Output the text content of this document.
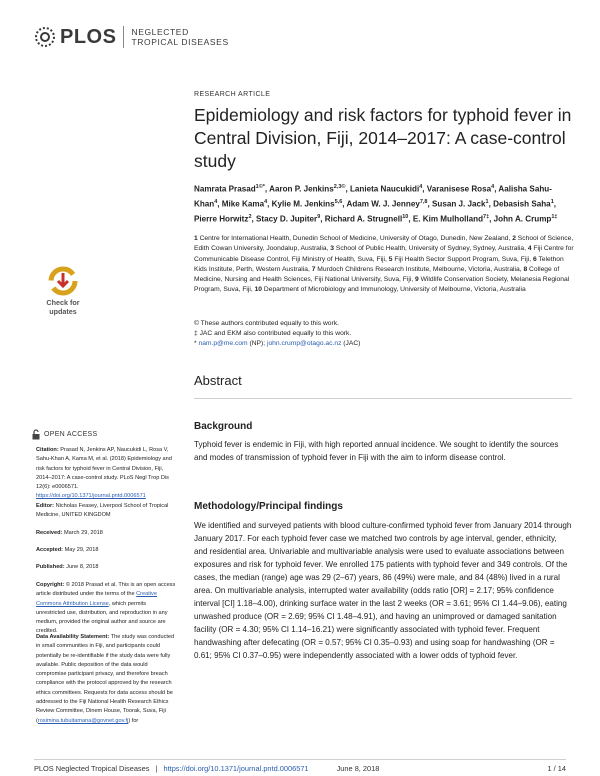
PLOS NEGLECTED
TROPICAL DISEASES
Check for
updates
RESEARCH ARTICLE
Epidemiology and risk factors for typhoid fever in Central Division, Fiji, 2014–2017: A case-control study
Namrata Prasad$^{1©*}$, Aaron P. Jenkins$^{2,3©}$, Lanieta Naucukidi$^4$, Varanisese Rosa$^4$, Aalisha Sahu-Khan$^4$, Mike Kama$^4$, Kylie M. Jenkins$^{5,6}$, Adam W. J. Jenney$^{7,8}$, Susan J. Jack$^1$, Debasish Saha$^1$, Pierre Horwitz$^2$, Stacy D. Jupiter$^9$, Richard A. Strugnell$^{10}$, E. Kim Mulholland$^{7\ddagger}$, John A. Crump$^{1\ddagger}$
1 Centre for International Health, Dunedin School of Medicine, University of Otago, Dunedin, New Zealand, 2 School of Science, Edith Cowan University, Joondalup, Australia, 3 School of Public Health, University of Sydney, Sydney, Australia, 4 Fiji Centre for Communicable Disease Control, Fiji Ministry of Health, Suva, Fiji, 5 Fiji Health Sector Support Program, Suva, Fiji, 6 Telethon Kids Institute, Perth, Western Australia, 7 Murdoch Childrens Research Institute, Melbourne, Victoria, Australia, 8 College of Medicine, Nursing and Health Sciences, Fiji National University, Suva, Fiji, 9 Wildlife Conservation Society, Melanesia Regional Program, Suva, Fiji, 10 Department of Microbiology and Immunology, University of Melbourne, Victoria, Australia
© These authors contributed equally to this work.
‡ JAC and EKM also contributed equally to this work.
* nam.p@me.com (NP); john.crump@otago.ac.nz (JAC)
Abstract
Background
Typhoid fever is endemic in Fiji, with high reported annual incidence. We sought to identify the sources and modes of transmission of typhoid fever in Fiji with the aim to inform disease control.
Methodology/Principal findings
We identified and surveyed patients with blood culture-confirmed typhoid fever from January 2014 through January 2017. For each typhoid fever case we matched two controls by age interval, gender, ethnicity, and residential area. Univariable and multivariable analysis were used to evaluate associations between exposures and risk for typhoid fever. We enrolled 175 patients with typhoid fever and 349 controls. Of the cases, the median (range) age was 29 (2–67) years, 86 (49%) were male, and 84 (48%) lived in a rural area. On multivariable analysis, interrupted water availability (odds ratio [OR] = 2.17; 95% confidence interval [CI] 1.18–4.00), drinking surface water in the last 2 weeks (OR = 3.61; 95% CI 1.44–9.06), eating unwashed produce (OR = 2.69; 95% CI 1.48–4.91), and having an unimproved or damaged sanitation facility (OR = 4.30; 95% CI 1.14–16.21) were significantly associated with typhoid fever. Frequent handwashing after defecating (OR = 0.57; 95% CI 0.35–0.93) and using soap for handwashing (OR = 0.61; 95% CI 0.37–0.95) were independently associated with a lower odds of typhoid fever.
OPEN ACCESS
Citation: Prasad N, Jenkins AP, Naucukidi L, Rosa V, Sahu-Khan A, Kama M, et al. (2018) Epidemiology and risk factors for typhoid fever in Central Division, Fiji, 2014–2017: A case-control study. PLoS Negl Trop Dis 12(6): e0006571. https://doi.org/10.1371/journal.pntd.0006571
Editor: Nicholas Feasey, Liverpool School of Tropical Medicine, UNITED KINGDOM
Received: March 29, 2018
Accepted: May 29, 2018
Published: June 8, 2018
Copyright: © 2018 Prasad et al. This is an open access article distributed under the terms of the Creative Commons Attribution License, which permits unrestricted use, distribution, and reproduction in any medium, provided the original author and source are credited.
Data Availability Statement: The study was conducted in small communities in Fiji, and participants could potentially be re-identifiable if the study data were fully available. Public deposition of the data would compromise participant privacy, and therefore breach compliance with the protocol approved by the research ethics committees. Requests for data access should be addressed to the Fiji National Health Research Ethics Review Committee, Dinem House, Toorak, Suva, Fiji (rosimina.tubuitamana@govnet.gov.fj) for
PLOS Neglected Tropical Diseases | https://doi.org/10.1371/journal.pntd.0006571	June 8, 2018	1 / 14
